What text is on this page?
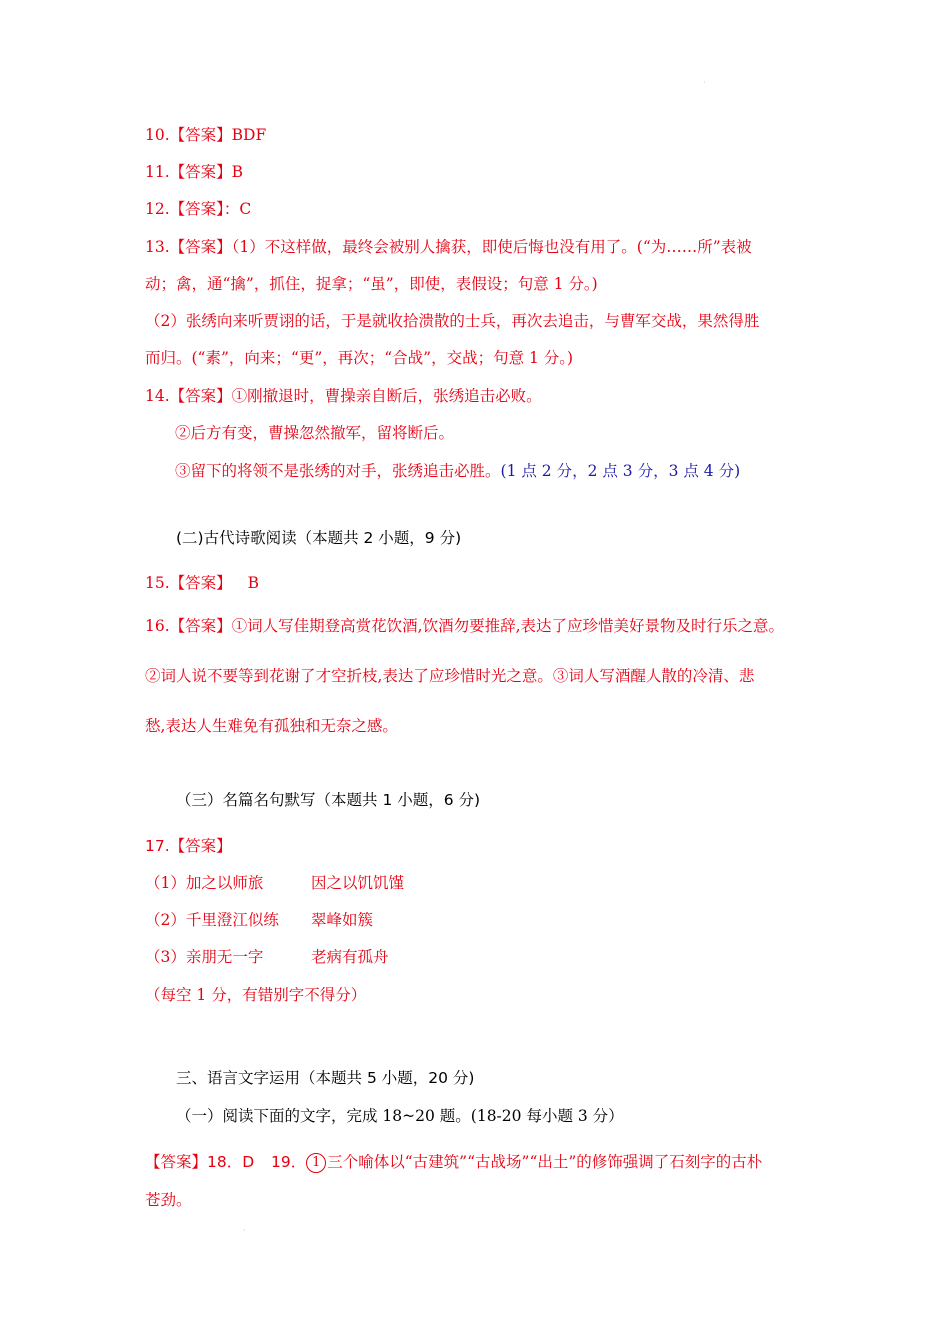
·
10.【答案】BDF
11.【答案】B
12.【答案】：C
13.【答案】（1）不这样做，最终会被别人擒获，即使后悔也没有用了。(“为……所”表被
动；禽，通“擒”，抓住，捉拿；“虽”，即使，表假设；句意 1 分。)
（2）张绣向来听贾诩的话，于是就收拾溃散的士兵，再次去追击，与曹军交战，果然得胜
而归。(“素”，向来；“更”，再次；“合战”，交战；句意 1 分。)
14.【答案】①刚撤退时，曹操亲自断后，张绣追击必败。
②后方有变，曹操忽然撤军，留将断后。
③留下的将领不是张绣的对手，张绣追击必胜。(1 点 2 分，2 点 3 分，3 点 4 分)
(二)古代诗歌阅读（本题共 2 小题，9 分)
15.【答案】 B
16.【答案】①词人写佳期登高赏花饮酒,饮酒勿要推辞,表达了应珍惜美好景物及时行乐之意。
②词人说不要等到花谢了才空折枝,表达了应珍惜时光之意。③词人写酒醒人散的冷清、悲
愁,表达人生难免有孤独和无奈之感。
（三）名篇名句默写（本题共 1 小题，6 分)
17.【答案】
（1）加之以师旅	因之以饥饥馑
（2）千里澄江似练 翠峰如簇
（3）亲朋无一字	老病有孤舟
（每空 1 分，有错别字不得分）
三、语言文字运用（本题共 5 小题，20 分)
（一）阅读下面的文字，完成 18~20 题。(18-20 每小题 3 分）
【答案】18．D 19． 1 三个喻体以“古建筑”“古战场”“出土”的修饰强调了石刻字的古朴
苍劲。
·
